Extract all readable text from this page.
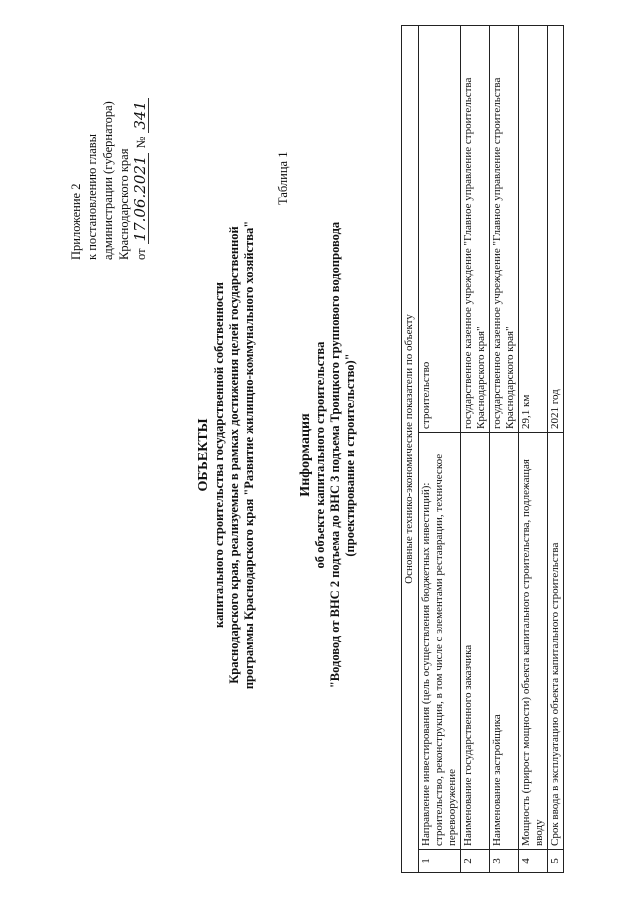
Приложение 2 к постановлению главы администрации (губернатора) Краснодарского края от
17.06.2021
№
341
ОБЪЕКТЫ капитального строительства государственной собственности Краснодарского края, реализуемые в рамках достижения целей государственной программы Краснодарского края "Развитие жилищно-коммунального хозяйства"
Таблица 1
Информация об объекте капитального строительства "Водовод от ВНС 2 подъема до ВНС 3 подъема Троицкого группового водопровода (проектирование и строительство)"	Основные технико-экономические показатели по объекту		
1	Направление инвестирования (цель осуществления бюджетных инвестиций): строительство, реконструкция, в том числе с элементами реставрации, техническое перевооружение	строительство
2	Наименование государственного заказчика	государственное казенное учреждение "Главное управление строительства Краснодарского края"
3	Наименование застройщика	государственное казенное учреждение "Главное управление строительства Краснодарского края"
4	Мощность (прирост мощности) объекта капитального строительства, подлежащая вводу	29,1 км
5	Срок ввода в эксплуатацию объекта капитального строительства	2021 год
